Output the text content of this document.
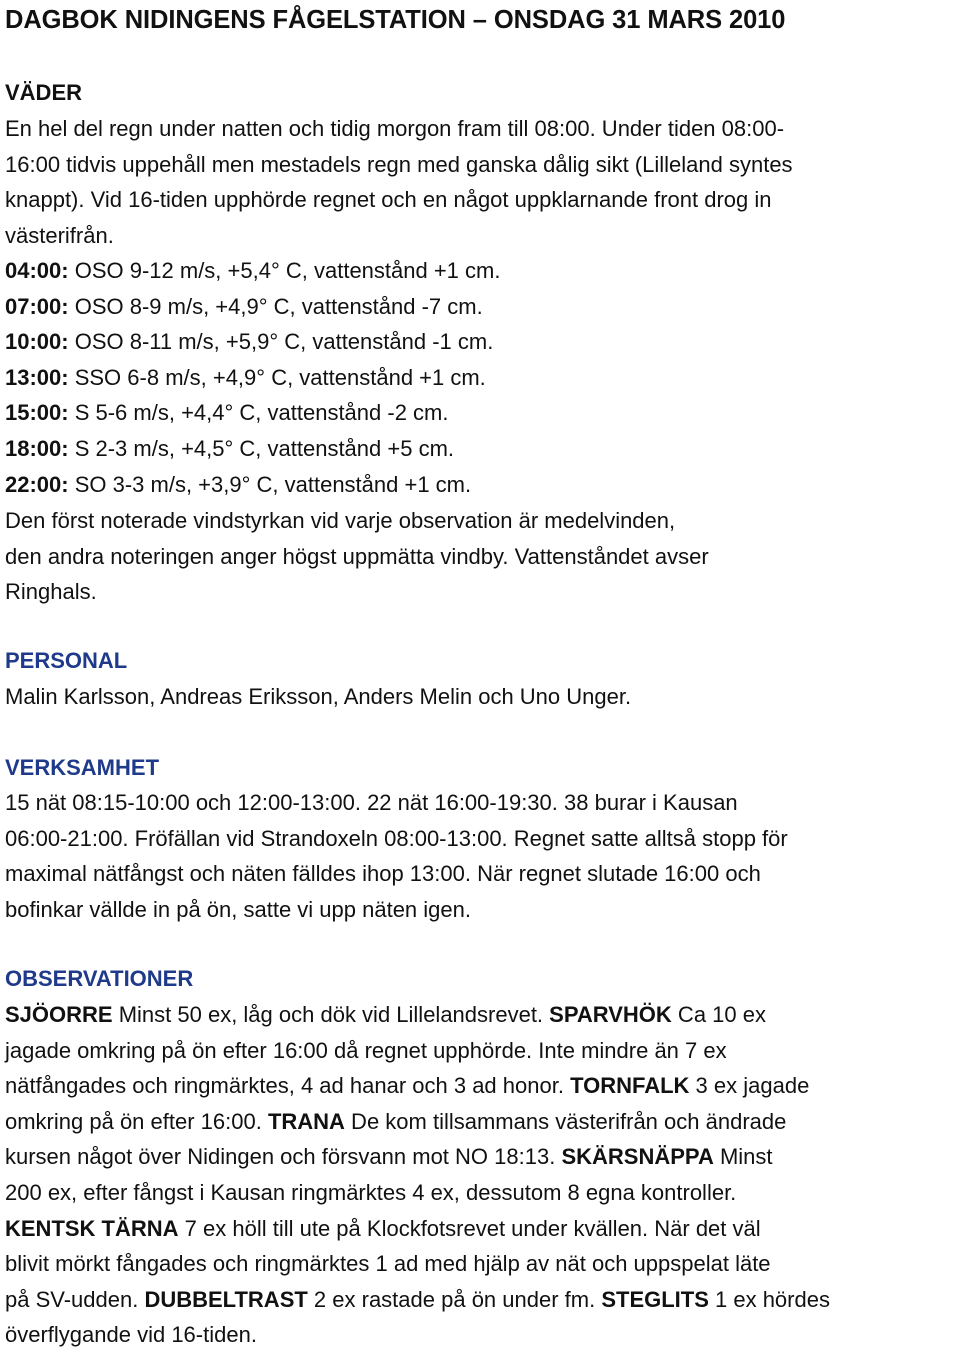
DAGBOK NIDINGENS FÅGELSTATION – ONSDAG 31 MARS 2010
VÄDER
En hel del regn under natten och tidig morgon fram till 08:00. Under tiden 08:00-
16:00 tidvis uppehåll men mestadels regn med ganska dålig sikt (Lilleland syntes
knappt). Vid 16-tiden upphörde regnet och en något uppklarnande front drog in
västerifrån.
04:00: OSO 9-12 m/s, +5,4° C, vattenstånd +1 cm.
07:00: OSO 8-9 m/s, +4,9° C, vattenstånd -7 cm.
10:00: OSO 8-11 m/s, +5,9° C, vattenstånd -1 cm.
13:00: SSO 6-8 m/s, +4,9° C, vattenstånd +1 cm.
15:00: S 5-6 m/s, +4,4° C, vattenstånd -2 cm.
18:00: S 2-3 m/s, +4,5° C, vattenstånd +5 cm.
22:00: SO 3-3 m/s, +3,9° C, vattenstånd +1 cm.
Den först noterade vindstyrkan vid varje observation är medelvinden,
den andra noteringen anger högst uppmätta vindby. Vattenståndet avser
Ringhals.
PERSONAL
Malin Karlsson, Andreas Eriksson, Anders Melin och Uno Unger.
VERKSAMHET
15 nät 08:15-10:00 och 12:00-13:00. 22 nät 16:00-19:30. 38 burar i Kausan
06:00-21:00. Fröfällan vid Strandoxeln 08:00-13:00. Regnet satte alltså stopp för
maximal nätfångst och näten fälldes ihop 13:00. När regnet slutade 16:00 och
bofinkar vällde in på ön, satte vi upp näten igen.
OBSERVATIONER
SJÖORRE Minst 50 ex, låg och dök vid Lillelandsrevet. SPARVHÖK Ca 10 ex
jagade omkring på ön efter 16:00 då regnet upphörde. Inte mindre än 7 ex
nätfångades och ringmärktes, 4 ad hanar och 3 ad honor. TORNFALK 3 ex jagade
omkring på ön efter 16:00. TRANA De kom tillsammans västerifrån och ändrade
kursen något över Nidingen och försvann mot NO 18:13. SKÄRSNÄPPA Minst
200 ex, efter fångst i Kausan ringmärktes 4 ex, dessutom 8 egna kontroller.
KENTSK TÄRNA 7 ex höll till ute på Klockfotsrevet under kvällen. När det väl
blivit mörkt fångades och ringmärktes 1 ad med hjälp av nät och uppspelat läte
på SV-udden. DUBBELTRAST 2 ex rastade på ön under fm. STEGLITS 1 ex hördes
överflygande vid 16-tiden.
